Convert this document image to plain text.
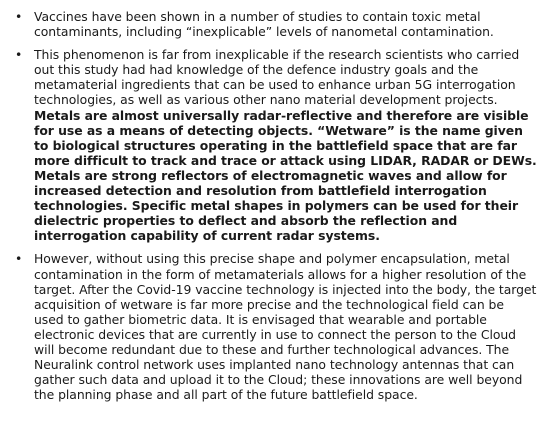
• Vaccines have been shown in a number of studies to contain toxic metal contaminants, including “inexplicable” levels of nanometal contamination.
• This phenomenon is far from inexplicable if the research scientists who carried out this study had had knowledge of the defence industry goals and the metamaterial ingredients that can be used to enhance urban 5G interrogation technologies, as well as various other nano material development projects. Metals are almost universally radar-reflective and therefore are visible for use as a means of detecting objects. “Wetware” is the name given to biological structures operating in the battlefield space that are far more difficult to track and trace or attack using LIDAR, RADAR or DEWs. Metals are strong reflectors of electromagnetic waves and allow for increased detection and resolution from battlefield interrogation technologies. Specific metal shapes in polymers can be used for their dielectric properties to deflect and absorb the reflection and interrogation capability of current radar systems.
• However, without using this precise shape and polymer encapsulation, metal contamination in the form of metamaterials allows for a higher resolution of the target. After the Covid-19 vaccine technology is injected into the body, the target acquisition of wetware is far more precise and the technological field can be used to gather biometric data. It is envisaged that wearable and portable electronic devices that are currently in use to connect the person to the Cloud will become redundant due to these and further technological advances. The Neuralink control network uses implanted nano technology antennas that can gather such data and upload it to the Cloud; these innovations are well beyond the planning phase and all part of the future battlefield space.
